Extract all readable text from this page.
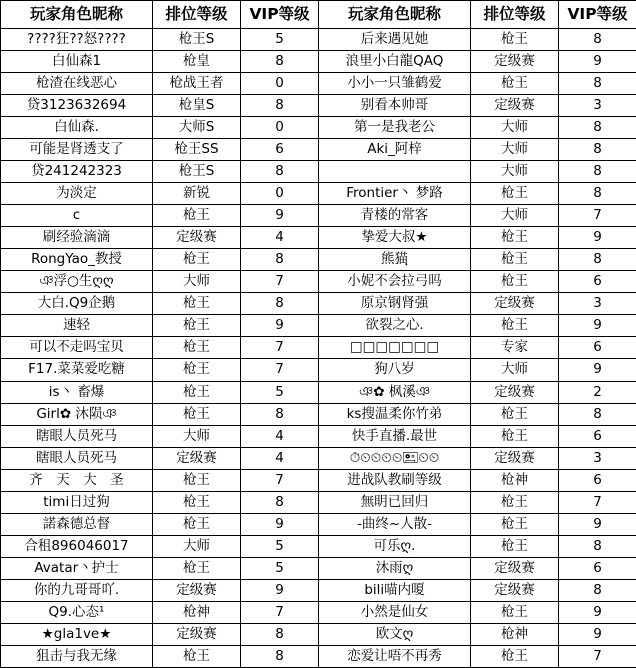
玩家角色昵称	排位等级	VIP等级	玩家角色昵称	排位等级	VIP等级
????狂??怒????	枪王S	5	后来遇见她	枪王	8
白仙森1	枪皇	8	浪里小白龍QAQ	定级赛	9
枪渣在线恶心	枪战王者	0	小小一只雏鹤爱	枪王	8
贷3123632694	枪皇S	8	别看本帅哥	定级赛	3
白仙森.	大师S	0	第一是我老公	大师	8
可能是肾透支了	枪王SS	6	Aki_阿梓	大师	8
贷241242323	枪王S	8		大师	8
为淡定	新锐	0	Frontier丶 梦路	枪王	8
c	枪王	9	青楼的常客	大师	7
刷经验滴滴	定级赛	4	挚爱大叔★	枪王	9
RongYao_教授	枪王	8	熊猫ฺ	枪王	8
ঞ浮○生ღღ	大师	7	小妮不会拉弓吗	枪王	6
大白.Q9企鹅	枪王	8	原京钢肾强	定级赛	3
速轻	枪王	9	欲裂之心.	枪王	9
可以不走吗宝贝	枪王	7	□□□□□□□	专家	6
F17.菜菜爱吃糖	枪王	7	狗八岁	大师	9
is丶 畜爆	枪王	5	ঞ✿ 枫溪ঞ	定级赛	2
Girl✿ 沐陨ঞ	枪王	8	ks搜温柔你竹弟	枪王	8
瞎眼人员死马	大师	4	快手直播.最世	枪王	6
瞎眼人员死马	定级赛	4	⏱⏲⏲⏲⏲🖭⏲⏲	定级赛	3
齐　天　大　圣	枪王	7	进战队教刷等级	枪神	6
timi日过狗	枪王	8	無眀已回归	枪王	7
諾森德总督	枪王	9	-曲终~人散-	枪王	9
合租896046017	大师	5	可乐ღ.	枪王	8
Avatar丶护士	枪王	5	沐雨ღ	定级赛	6
你的九哥哥吖.	定级赛	9	bili喵内嗄	定级赛	8
Q9.心态¹	枪神	7	小然是仙女	枪王	9
★gla1ve★	定级赛	8	欧文ღ	枪神	9
狙击与我无缘	枪王	8	恋爱让唔不再秀	枪王	7
